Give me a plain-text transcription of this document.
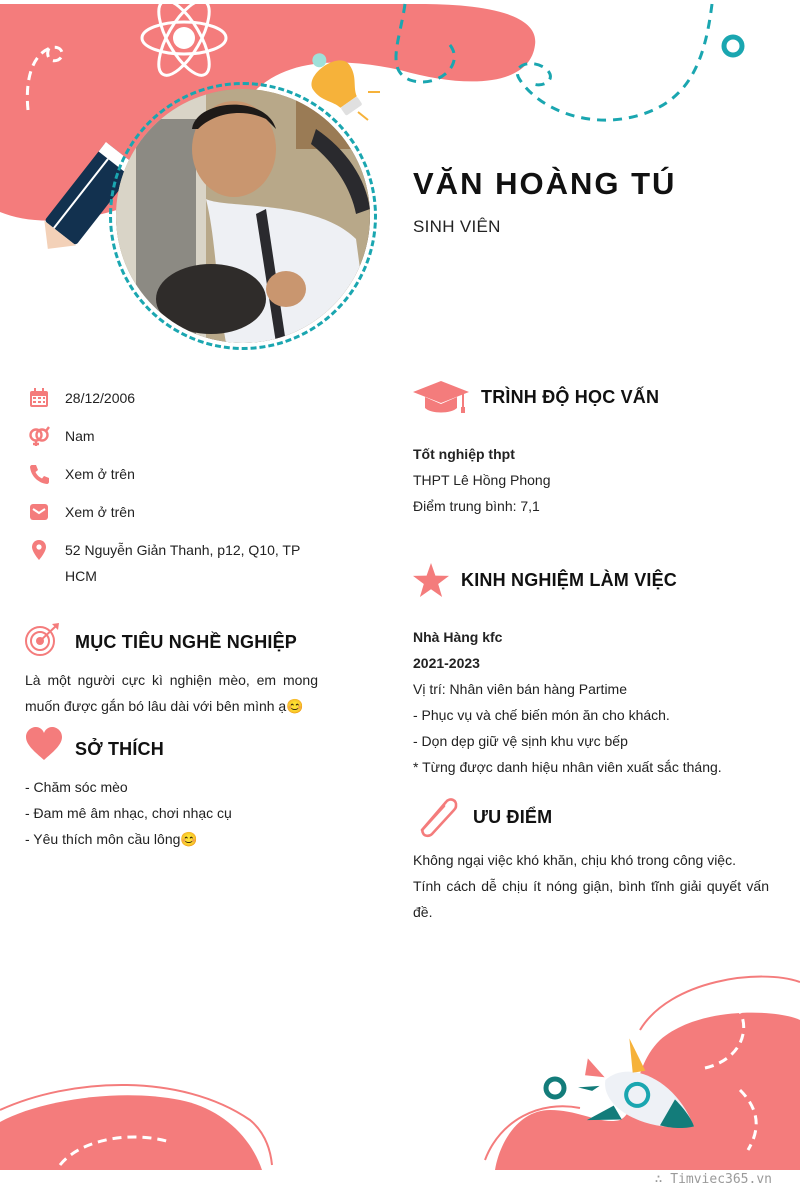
VĂN HOÀNG TÚ
SINH VIÊN
28/12/2006
Nam
Xem ở trên
Xem ở trên
52 Nguyễn Giản Thanh, p12, Q10, TP
HCM
MỤC TIÊU NGHỀ NGHIỆP
Là một người cực kì nghiện mèo, em mong
muốn được gắn bó lâu dài với bên mình ạ😊
SỞ THÍCH
- Chăm sóc mèo
- Đam mê âm nhạc, chơi nhạc cụ
- Yêu thích môn cầu lông😊
TRÌNH ĐỘ HỌC VẤN
Tốt nghiệp thpt
THPT Lê Hồng Phong
Điểm trung bình: 7,1
KINH NGHIỆM LÀM VIỆC
Nhà Hàng kfc
2021-2023
Vị trí: Nhân viên bán hàng Partime
- Phục vụ và chế biến món ăn cho khách.
- Dọn dẹp giữ vệ sịnh khu vực bếp
* Từng được danh hiệu nhân viên xuất sắc tháng.
ƯU ĐIỂM
Không ngại việc khó khăn, chịu khó trong công việc.
Tính cách dễ chịu ít nóng giận, bình tĩnh giải quyết vấn
đề.
∴ Timviec365.vn
